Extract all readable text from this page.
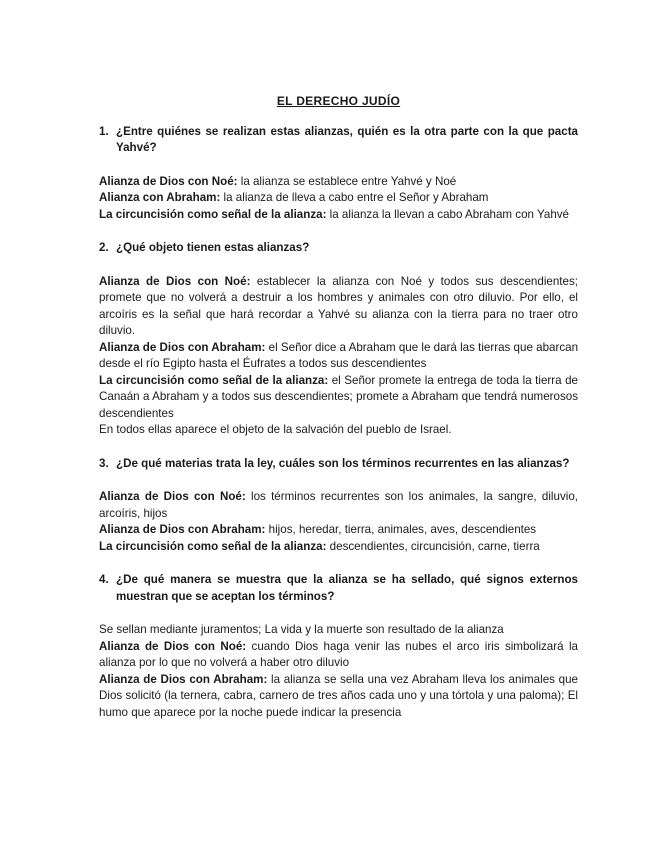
EL DERECHO JUDÍO
1. ¿Entre quiénes se realizan estas alianzas, quién es la otra parte con la que pacta Yahvé?

Alianza de Dios con Noé: la alianza se establece entre Yahvé y Noé

Alianza con Abraham: la alianza de lleva a cabo entre el Señor y Abraham

La circuncisión como señal de la alianza: la alianza la llevan a cabo Abraham con Yahvé

2. ¿Qué objeto tienen estas alianzas?

Alianza de Dios con Noé: establecer la alianza con Noé y todos sus descendientes; promete que no volverá a destruir a los hombres y animales con otro diluvio. Por ello, el arcoíris es la señal que hará recordar a Yahvé su alianza con la tierra para no traer otro diluvio.

Alianza de Dios con Abraham: el Señor dice a Abraham que le dará las tierras que abarcan desde el río Egipto hasta el Éufrates a todos sus descendientes

La circuncisión como señal de la alianza: el Señor promete la entrega de toda la tierra de Canaán a Abraham y a todos sus descendientes; promete a Abraham que tendrá numerosos descendientes

En todos ellas aparece el objeto de la salvación del pueblo de Israel.

3. ¿De qué materias trata la ley, cuáles son los términos recurrentes en las alianzas?

Alianza de Dios con Noé: los términos recurrentes son los animales, la sangre, diluvio, arcoíris, hijos

Alianza de Dios con Abraham: hijos, heredar, tierra, animales, aves, descendientes

La circuncisión como señal de la alianza: descendientes, circuncisión, carne, tierra

4. ¿De qué manera se muestra que la alianza se ha sellado, qué signos externos muestran que se aceptan los términos?

Se sellan mediante juramentos; La vida y la muerte son resultado de la alianza

Alianza de Dios con Noé: cuando Dios haga venir las nubes el arco iris simbolizará la alianza por lo que no volverá a haber otro diluvio

Alianza de Dios con Abraham: la alianza se sella una vez Abraham lleva los animales que Dios solicitó (la ternera, cabra, carnero de tres años cada uno y una tórtola y una paloma); El humo que aparece por la noche puede indicar la presencia
